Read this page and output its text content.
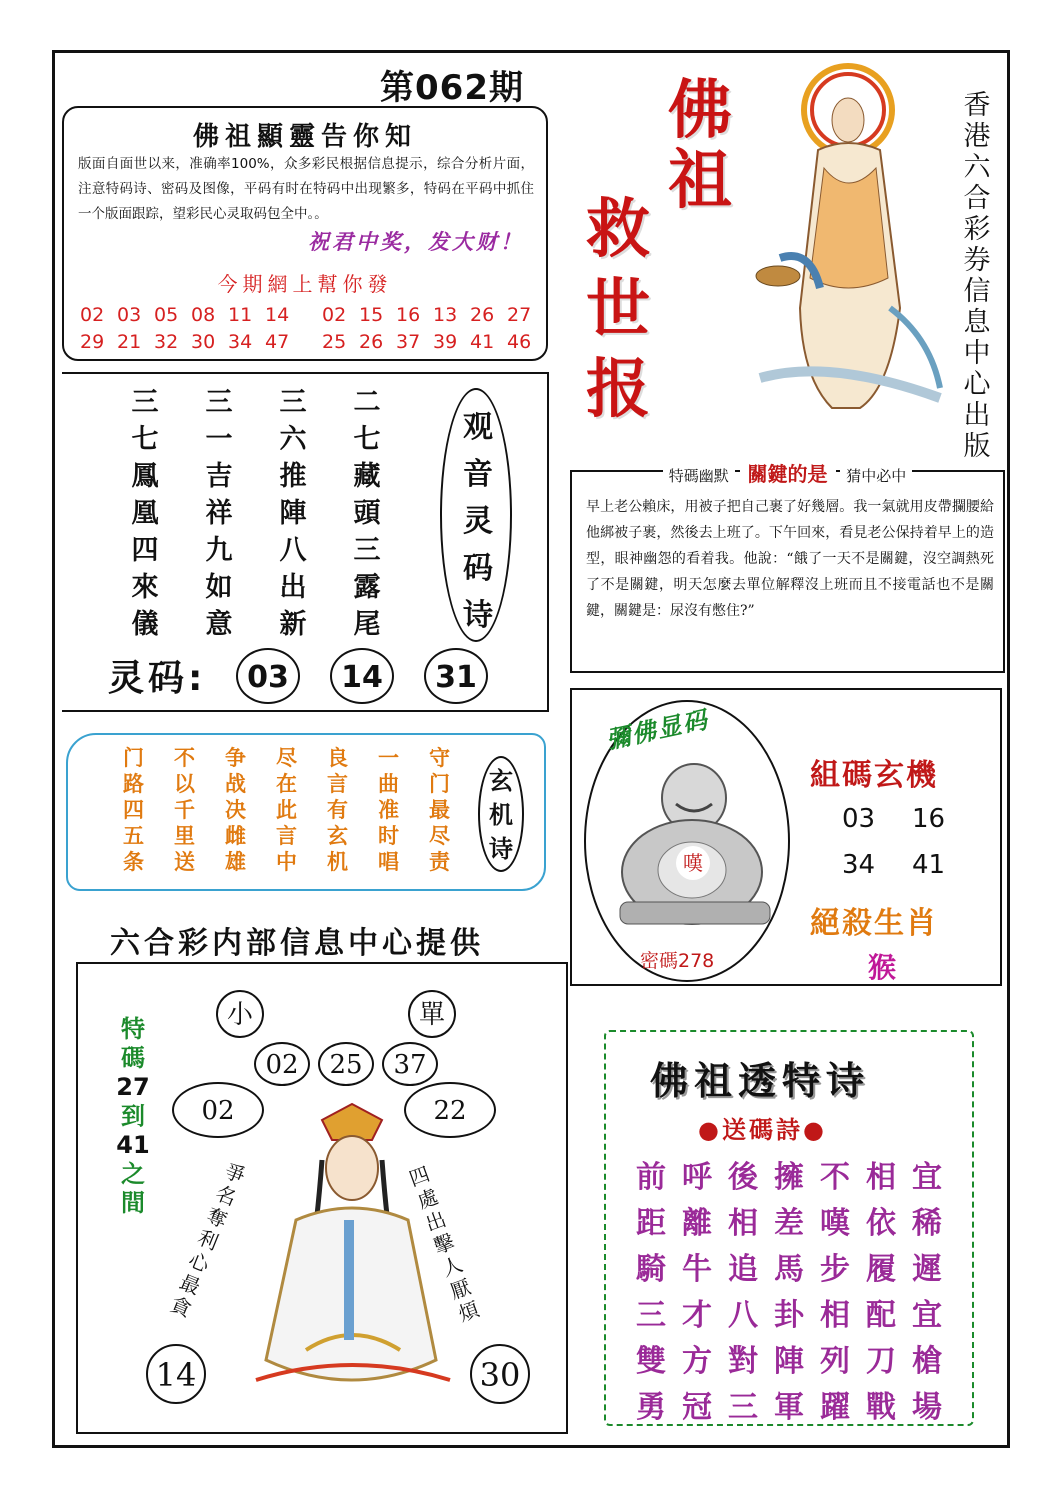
第062期
佛祖顯靈告你知
版面自面世以来，准确率100%，众多彩民根据信息提示，综合分析片面，注意特码诗、密码及图像，平码有时在特码中出现繁多，特码在平码中抓住一个版面跟踪，望彩民心灵取码包全中。。
祝君中奖，发大财！
今期網上幫你發
02 03 05 08 11 14
29 21 32 30 34 47
02 15 16 13 26 27
25 26 37 39 41 46
佛祖
救世报
香港六合彩券信息中心出版
三	三	三	二
七	一	六	七
鳳	吉	推	藏
凰	祥	陣	頭
四	九	八	三
來	如	出	露
儀	意	新	尾
观
音
灵
码
诗
灵码:	03	14	31
特碼幽默 關鍵的是 猜中必中
早上老公賴床，用被子把自己裹了好幾層。我一氣就用皮帶攔腰給他綁被子裹，然後去上班了。下午回來，看見老公保持着早上的造型，眼神幽怨的看着我。他說：“餓了一天不是關鍵，沒空調熱死了不是關鍵，明天怎麼去單位解釋沒上班而且不接電話也不是關鍵，關鍵是：尿沒有憋住?”
门	不	争	尽	良	一	守
路	以	战	在	言	曲	门
四	千	决	此	有	准	最
五	里	雌	言	玄	时	尽
条	送	雄	中	机	唱	责
玄
机
诗
六合彩内部信息中心提供
彌佛显码
嘆
密碼278
組碼玄機
03 16
34 41
絕殺生肖
猴
特
碼
27
到
41
之
間
小	單
02	25	37
02	22
爭
名
奪
利
心
最
貪
四
處
出
擊
人
厭
煩
14	30
佛祖透特诗
●送碼詩●
前 呼 後 擁 不 相 宜
距 離 相 差 嘆 依 稀
騎 牛 追 馬 步 履 遲
三 才 八 卦 相 配 宜
雙 方 對 陣 列 刀 槍
勇 冠 三 軍 躍 戰 場
